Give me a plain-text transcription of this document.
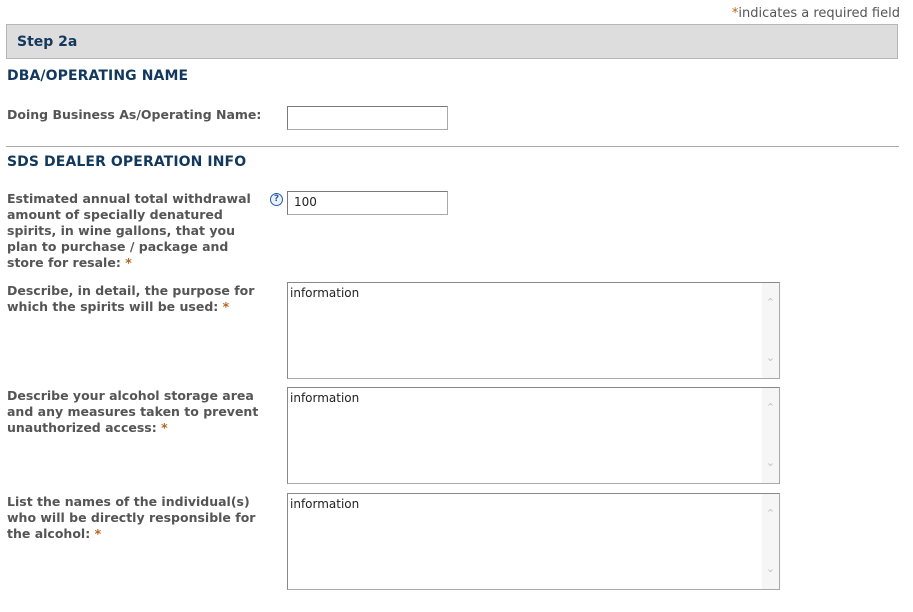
*indicates a required field
Step 2a
DBA/OPERATING NAME
Doing Business As/Operating Name:
SDS DEALER OPERATION INFO
Estimated annual total withdrawal amount of specially denatured spirits, in wine gallons, that you plan to purchase / package and store for resale: *
?	100
Describe, in detail, the purpose for which the spirits will be used: *
information
⌃
⌄
Describe your alcohol storage area and any measures taken to prevent unauthorized access: *
information
⌃
⌄
List the names of the individual(s) who will be directly responsible for the alcohol: *
information
⌃
⌄
